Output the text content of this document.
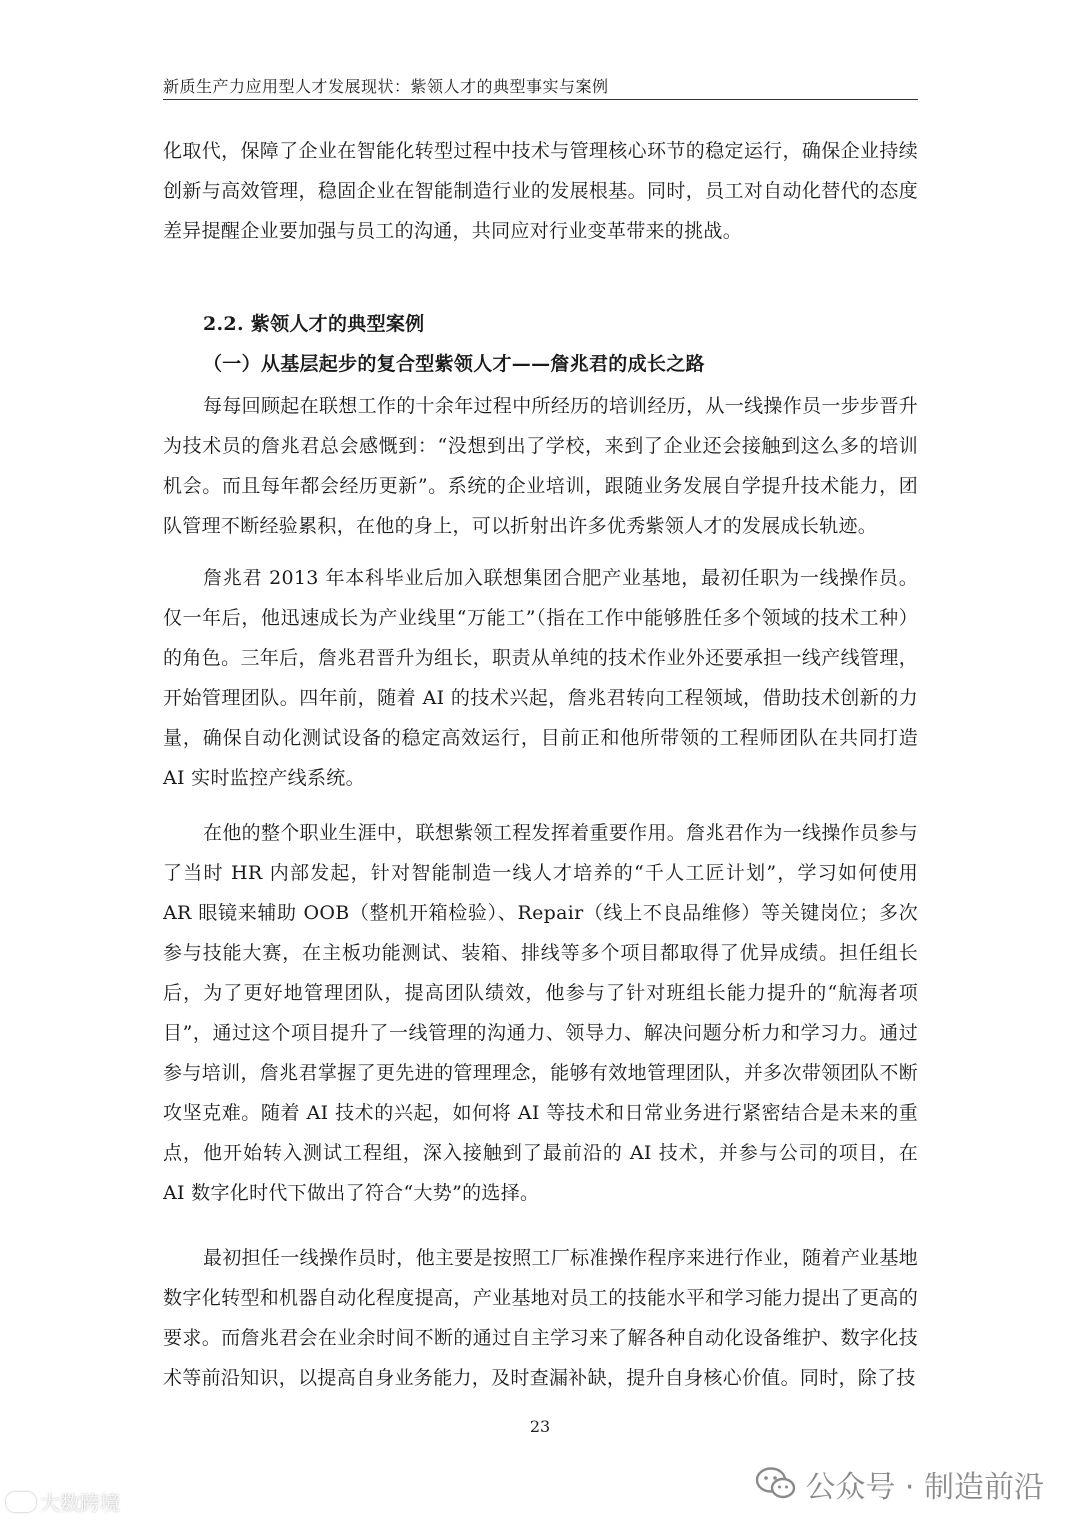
新质生产力应用型人才发展现状：紫领人才的典型事实与案例

化取代，保障了企业在智能化转型过程中技术与管理核心环节的稳定运行，确保企业持续创新与高效管理，稳固企业在智能制造行业的发展根基。同时，员工对自动化替代的态度差异提醒企业要加强与员工的沟通，共同应对行业变革带来的挑战。

2.2. 紫领人才的典型案例
（一）从基层起步的复合型紫领人才——詹兆君的成长之路

每每回顾起在联想工作的十余年过程中所经历的培训经历，从一线操作员一步步晋升为技术员的詹兆君总会感慨到：“没想到出了学校，来到了企业还会接触到这么多的培训机会。而且每年都会经历更新”。系统的企业培训，跟随业务发展自学提升技术能力，团队管理不断经验累积，在他的身上，可以折射出许多优秀紫领人才的发展成长轨迹。

詹兆君 2013 年本科毕业后加入联想集团合肥产业基地，最初任职为一线操作员。仅一年后，他迅速成长为产业线里“万能工”（指在工作中能够胜任多个领域的技术工种）的角色。三年后，詹兆君晋升为组长，职责从单纯的技术作业外还要承担一线产线管理，开始管理团队。四年前，随着 AI 的技术兴起，詹兆君转向工程领域，借助技术创新的力量，确保自动化测试设备的稳定高效运行，目前正和他所带领的工程师团队在共同打造 AI 实时监控产线系统。

在他的整个职业生涯中，联想紫领工程发挥着重要作用。詹兆君作为一线操作员参与了当时 HR 内部发起，针对智能制造一线人才培养的“千人工匠计划”，学习如何使用 AR 眼镜来辅助 OOB（整机开箱检验）、Repair（线上不良品维修）等关键岗位；多次参与技能大赛，在主板功能测试、装箱、排线等多个项目都取得了优异成绩。担任组长后，为了更好地管理团队，提高团队绩效，他参与了针对班组长能力提升的“航海者项目”，通过这个项目提升了一线管理的沟通力、领导力、解决问题分析力和学习力。通过参与培训，詹兆君掌握了更先进的管理理念，能够有效地管理团队，并多次带领团队不断攻坚克难。随着 AI 技术的兴起，如何将 AI 等技术和日常业务进行紧密结合是未来的重点，他开始转入测试工程组，深入接触到了最前沿的 AI 技术，并参与公司的项目，在 AI 数字化时代下做出了符合“大势”的选择。

最初担任一线操作员时，他主要是按照工厂标准操作程序来进行作业，随着产业基地数字化转型和机器自动化程度提高，产业基地对员工的技能水平和学习能力提出了更高的要求。而詹兆君会在业余时间不断的通过自主学习来了解各种自动化设备维护、数字化技术等前沿知识，以提高自身业务能力，及时查漏补缺，提升自身核心价值。同时，除了技

23
大数跨境	公众号 · 制造前沿
